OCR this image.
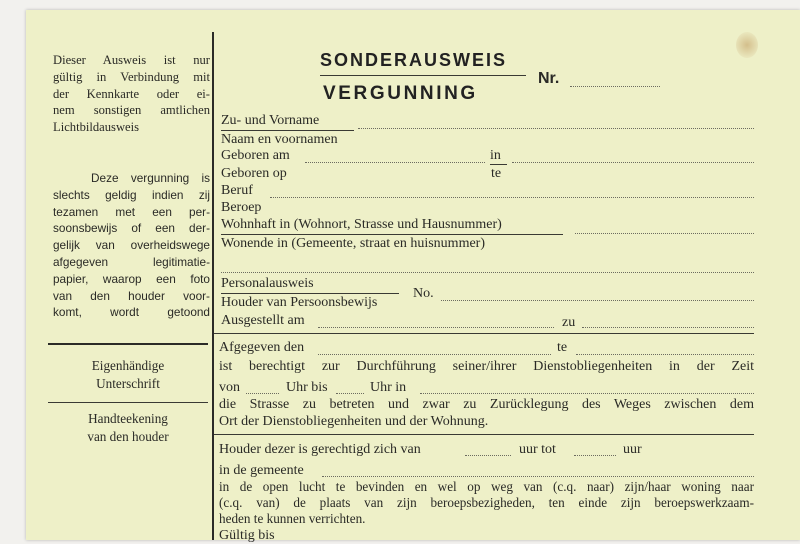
Dieser Ausweis ist nur
gültig in Verbindung mit
der Kennkarte oder ei-
nem sonstigen amtlichen
Lichtbildausweis
Deze vergunning is
slechts geldig indien zij
tezamen met een per-
soonsbewijs of een der-
gelijk van overheidswege
afgegeven legitimatie-
papier, waarop een foto
van den houder voor-
komt, wordt getoond
Eigenhändige
Unterschrift
Handteekening
van den houder
SONDERAUSWEIS
VERGUNNING
Nr.
Zu- und Vorname
Naam en voornamen
Geboren am	in
Geboren op	te
Beruf
Beroep
Wohnhaft in (Wohnort, Strasse und Hausnummer)
Wonende in (Gemeente, straat en huisnummer)
Personalausweis
No.
Houder van Persoonsbewijs
Ausgestellt am	zu
Afgegeven den	te
ist berechtigt zur Durchführung seiner/ihrer Dienstobliegenheiten in der Zeit
von	Uhr bis	Uhr in
die Strasse zu betreten und zwar zu Zurücklegung des Weges zwischen dem
Ort der Dienstobliegenheiten und der Wohnung.
Houder dezer is gerechtigd zich van	uur tot	uur
in de gemeente
in de open lucht te bevinden en wel op weg van (c.q. naar) zijn/haar woning naar
(c.q. van) de plaats van zijn beroepsbezigheden, ten einde zijn beroepswerkzaam-
heden te kunnen verrichten.
Gültig bis
